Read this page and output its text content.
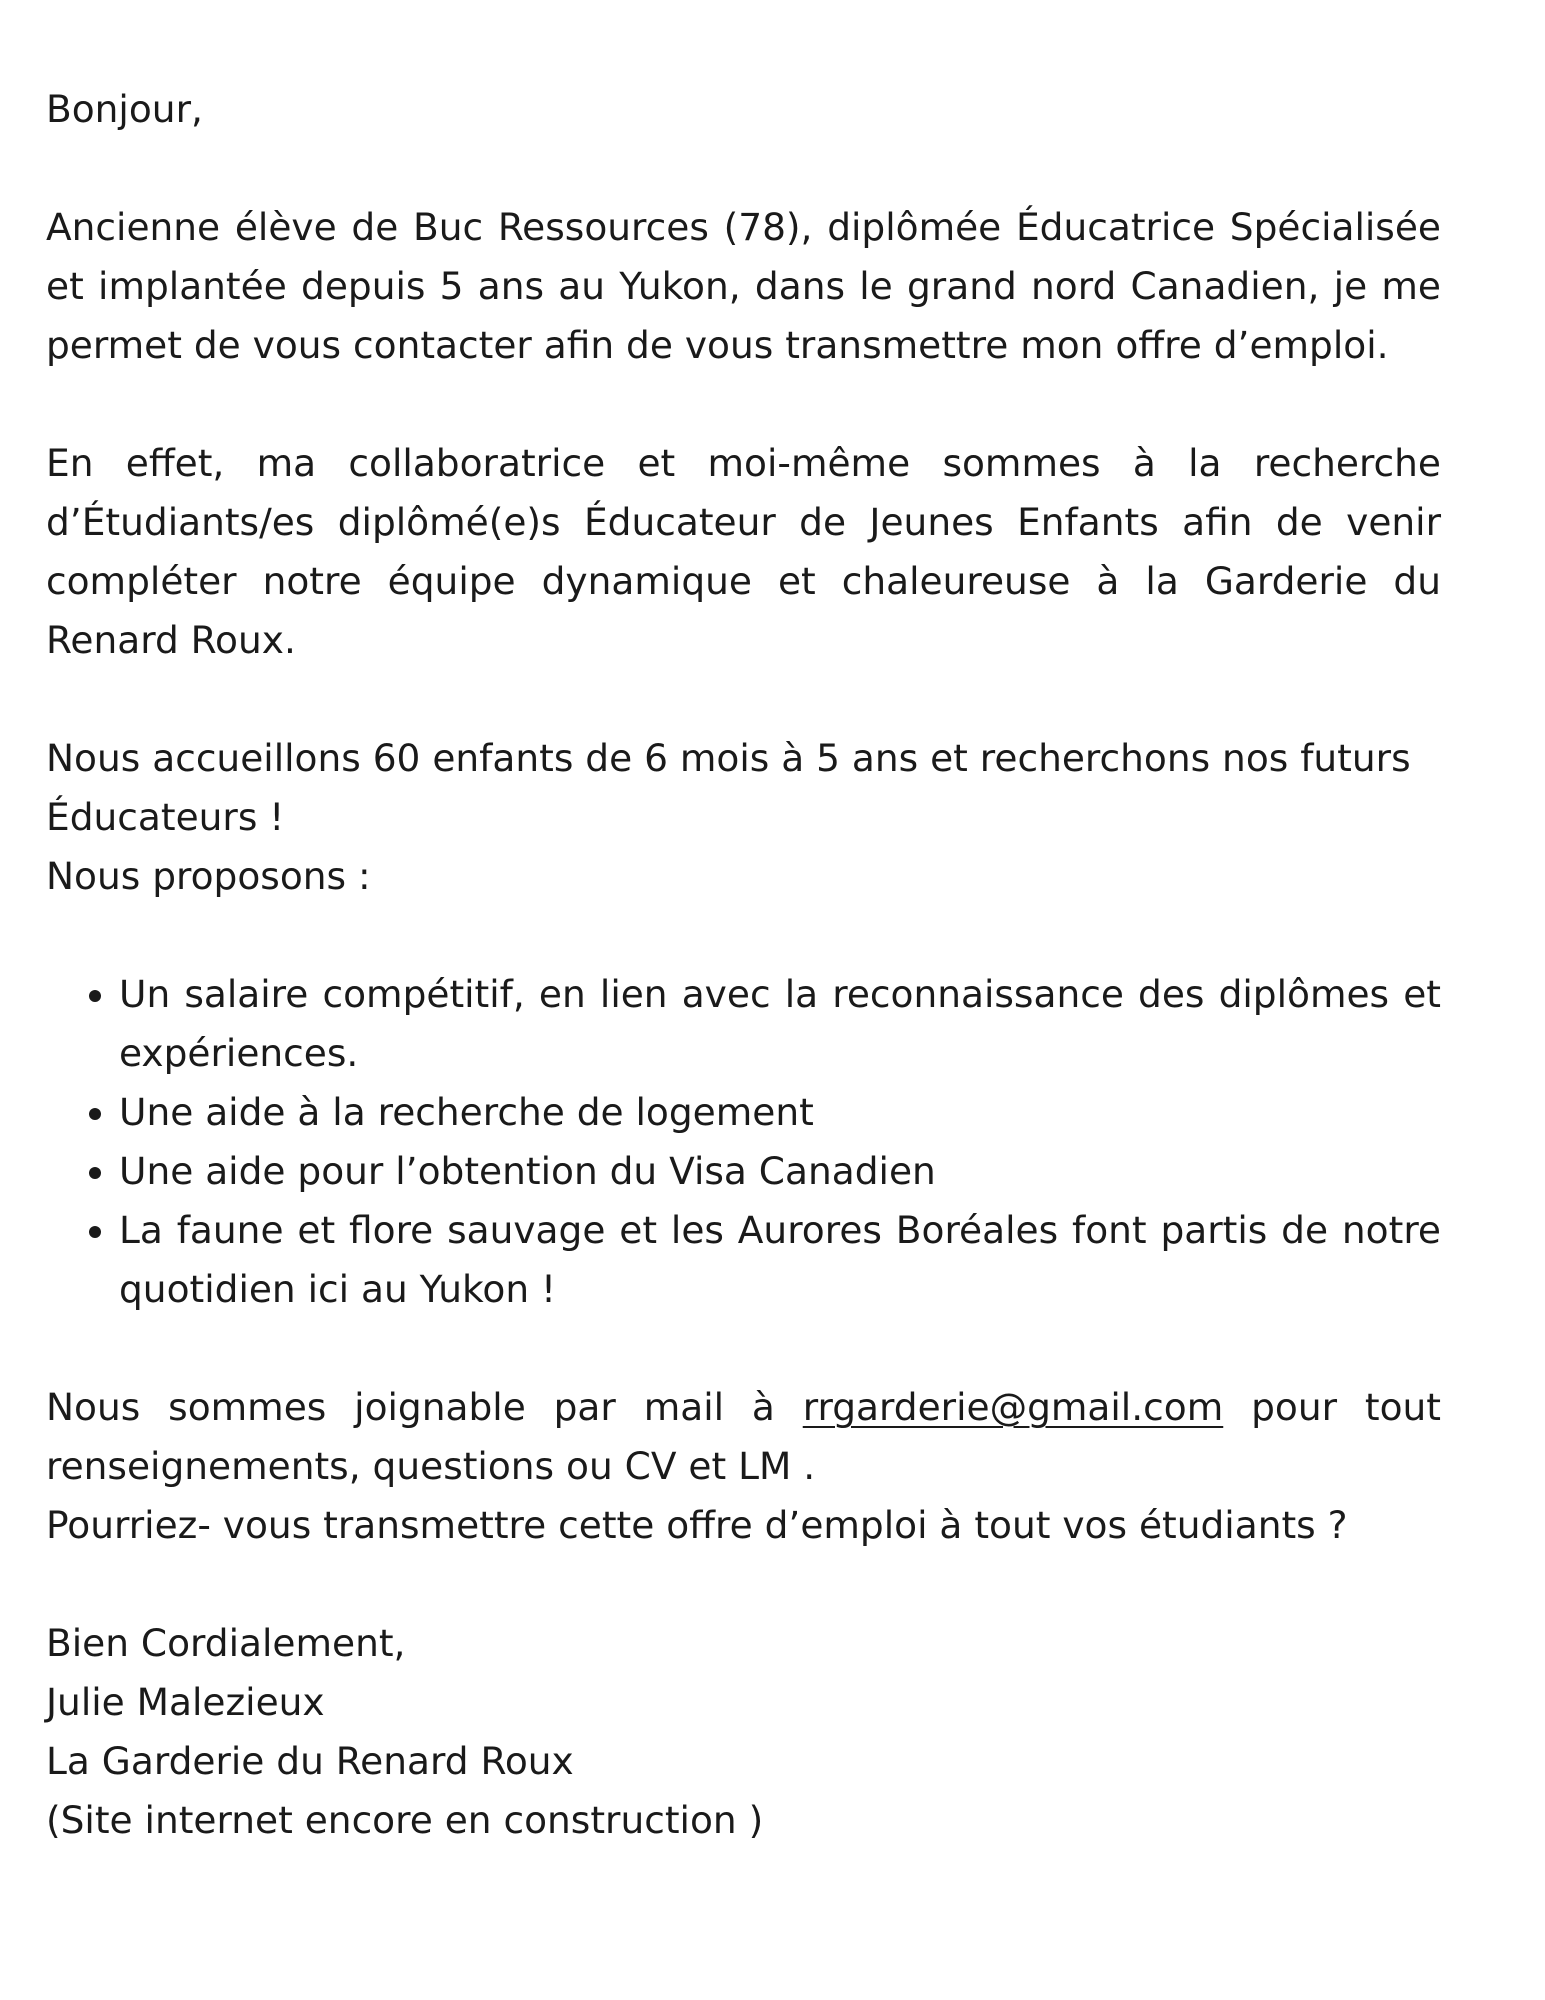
Bonjour,

Ancienne élève de Buc Ressources (78), diplômée Éducatrice Spécialisée et implantée depuis 5 ans au Yukon, dans le grand nord Canadien, je me permet de vous contacter afin de vous transmettre mon offre d’emploi.

En effet, ma collaboratrice et moi-même sommes à la recherche d’Étudiants/es diplômé(e)s Éducateur de Jeunes Enfants afin de venir compléter notre équipe dynamique et chaleureuse à la Garderie du Renard Roux.

Nous accueillons 60 enfants de 6 mois à 5 ans et recherchons nos futurs Éducateurs !
Nous proposons :

• Un salaire compétitif, en lien avec la reconnaissance des diplômes et expériences.
• Une aide à la recherche de logement
• Une aide pour l’obtention du Visa Canadien
• La faune et flore sauvage et les Aurores Boréales font partis de notre quotidien ici au Yukon !

Nous sommes joignable par mail à rrgarderie@gmail.com pour tout renseignements, questions ou CV et LM .
Pourriez- vous transmettre cette offre d’emploi à tout vos étudiants ?

Bien Cordialement,
Julie Malezieux
La Garderie du Renard Roux
(Site internet encore en construction )
